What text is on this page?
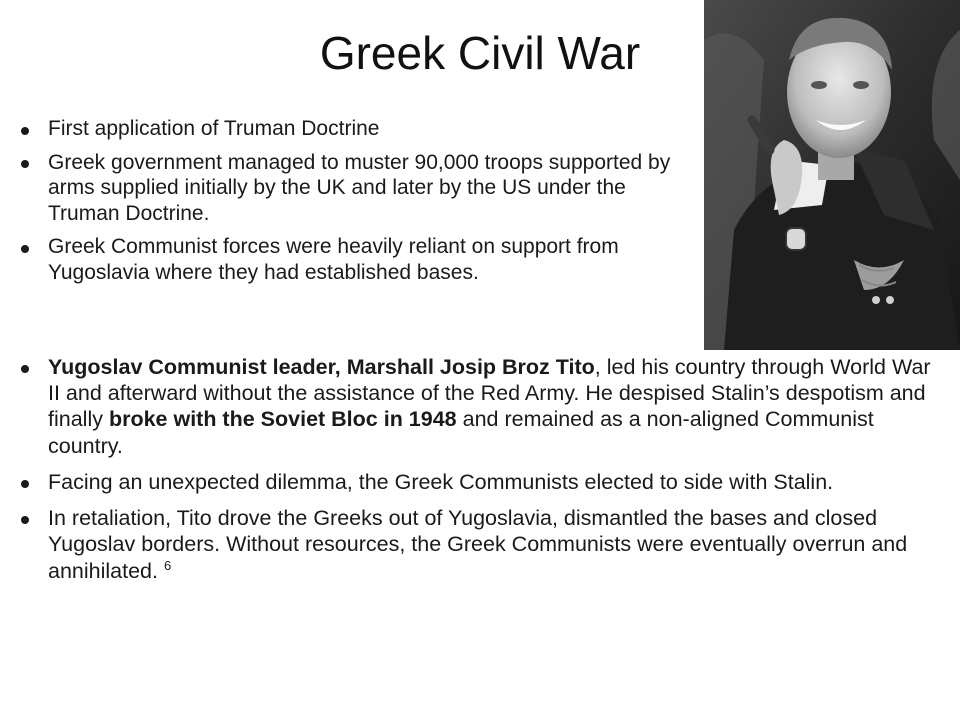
Greek Civil War
First application of Truman Doctrine
Greek government managed to muster 90,000 troops supported by arms supplied initially by the UK and later by the US under the Truman Doctrine.
Greek Communist forces were heavily reliant on support from Yugoslavia where they had established bases.
Yugoslav Communist leader, Marshall Josip Broz Tito, led his country through World War II and afterward without the assistance of the Red Army. He despised Stalin’s despotism and finally broke with the Soviet Bloc in 1948 and remained as a non-aligned Communist country.
Facing an unexpected dilemma, the Greek Communists elected to side with Stalin.
In retaliation, Tito drove the Greeks out of Yugoslavia, dismantled the bases and closed Yugoslav borders. Without resources, the Greek Communists were eventually overrun and annihilated. $^6$
